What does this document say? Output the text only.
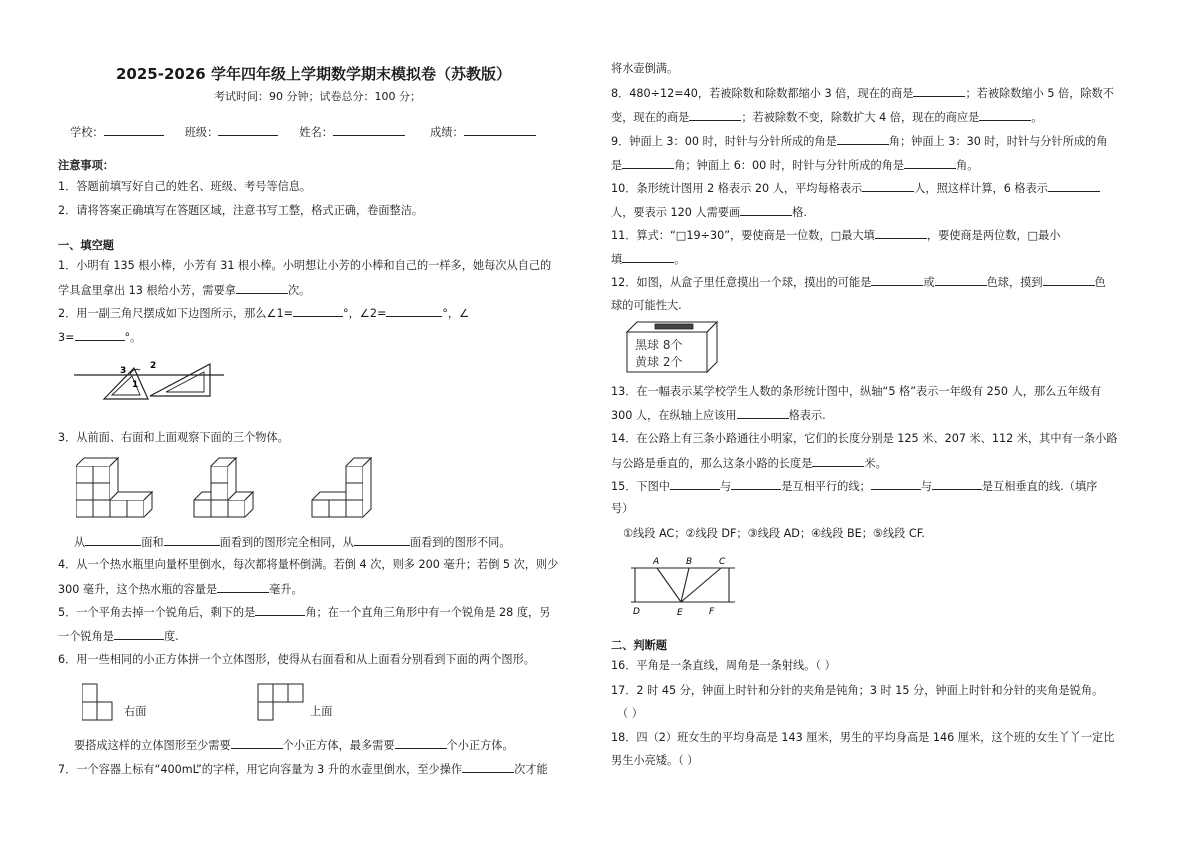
2025-2026 学年四年级上学期数学期末模拟卷（苏教版）
考试时间：90 分钟；试卷总分：100 分；
学校：	班级：	姓名：	成绩：
注意事项：
1．答题前填写好自己的姓名、班级、考号等信息。
2．请将答案正确填写在答题区域，注意书写工整，格式正确，卷面整洁。
一、填空题
1．小明有 135 根小棒，小芳有 31 根小棒。小明想让小芳的小棒和自己的一样多，她每次从自己的
学具盒里拿出 13 根给小芳，需要拿	次。
2．用一副三角尺摆成如下边图所示，那么∠1=	°，∠2=	°，∠
3=	°。
3
1
2
3．从前面、右面和上面观察下面的三个物体。
从	面和	面看到的图形完全相同，从	面看到的图形不同。
4．从一个热水瓶里向量杯里倒水，每次都将量杯倒满。若倒 4 次，则多 200 毫升；若倒 5 次，则少
300 毫升，这个热水瓶的容量是	毫升。
5．一个平角去掉一个锐角后，剩下的是	角；在一个直角三角形中有一个锐角是 28 度，另
一个锐角是	度.
6．用一些相同的小正方体拼一个立体图形，使得从右面看和从上面看分别看到下面的两个图形。
右面	上面
要搭成这样的立体图形至少需要	个小正方体，最多需要	个小正方体。
7．一个容器上标有“400mL”的字样，用它向容量为 3 升的水壶里倒水，至少操作	次才能
将水壶倒满。
8．480÷12=40，若被除数和除数都缩小 3 倍，现在的商是	；若被除数缩小 5 倍，除数不
变，现在的商是	；若被除数不变，除数扩大 4 倍，现在的商应是	。
9．钟面上 3：00 时，时针与分针所成的角是	角；钟面上 3：30 时，时针与分针所成的角
是	角；钟面上 6：00 时，时针与分针所成的角是	角。
10．条形统计图用 2 格表示 20 人，平均每格表示	人，照这样计算，6 格表示
人，要表示 120 人需要画	格.
11．算式：“□19÷30”，要使商是一位数，□最大填	，要使商是两位数，□最小
填	。
12．如图，从盒子里任意摸出一个球，摸出的可能是	或	色球，摸到	色
球的可能性大.
黑球 8个
黄球 2个
13．在一幅表示某学校学生人数的条形统计图中，纵轴“5 格”表示一年级有 250 人，那么五年级有
300 人，在纵轴上应该用	格表示.
14．在公路上有三条小路通往小明家，它们的长度分别是 125 米、207 米、112 米，其中有一条小路
与公路是垂直的，那么这条小路的长度是	米。
15．下图中	与	是互相平行的线；	与	是互相垂直的线.（填序
号）
①线段 AC；②线段 DF；③线段 AD；④线段 BE；⑤线段 CF.
A	B	C
D	E	F
二、判断题
16．平角是一条直线，周角是一条射线。（ ）
17．2 时 45 分，钟面上时针和分针的夹角是钝角；3 时 15 分，钟面上时针和分针的夹角是锐角。
（ ）
18．四（2）班女生的平均身高是 143 厘米，男生的平均身高是 146 厘米，这个班的女生丫丫一定比
男生小亮矮。（ ）
